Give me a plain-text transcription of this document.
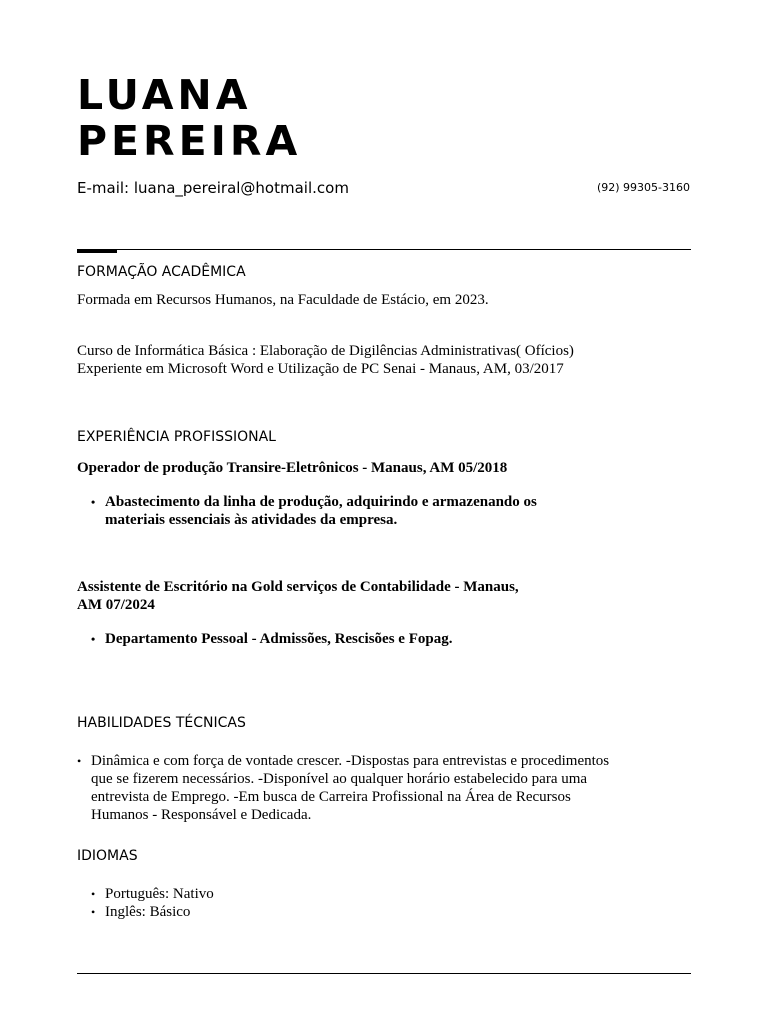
LUANA
PEREIRA
E-mail: luana_pereiral@hotmail.com	(92) 99305-3160
FORMAÇÃO ACADÊMICA
Formada em Recursos Humanos, na Faculdade de Estácio, em 2023.
Curso de Informática Básica : Elaboração de Digilências Administrativas( Ofícios)
Experiente em Microsoft Word e Utilização de PC Senai - Manaus, AM, 03/2017
EXPERIÊNCIA PROFISSIONAL
Operador de produção Transire-Eletrônicos - Manaus, AM 05/2018
• Abastecimento da linha de produção, adquirindo e armazenando os
materiais essenciais às atividades da empresa.
Assistente de Escritório na Gold serviços de Contabilidade - Manaus,
AM 07/2024
• Departamento Pessoal - Admissões, Rescisões e Fopag.
HABILIDADES TÉCNICAS
• Dinâmica e com força de vontade crescer. -Dispostas para entrevistas e procedimentos
que se fizerem necessários. -Disponível ao qualquer horário estabelecido para uma
entrevista de Emprego. -Em busca de Carreira Profissional na Área de Recursos
Humanos - Responsável e Dedicada.
IDIOMAS
• Português: Nativo
• Inglês: Básico
